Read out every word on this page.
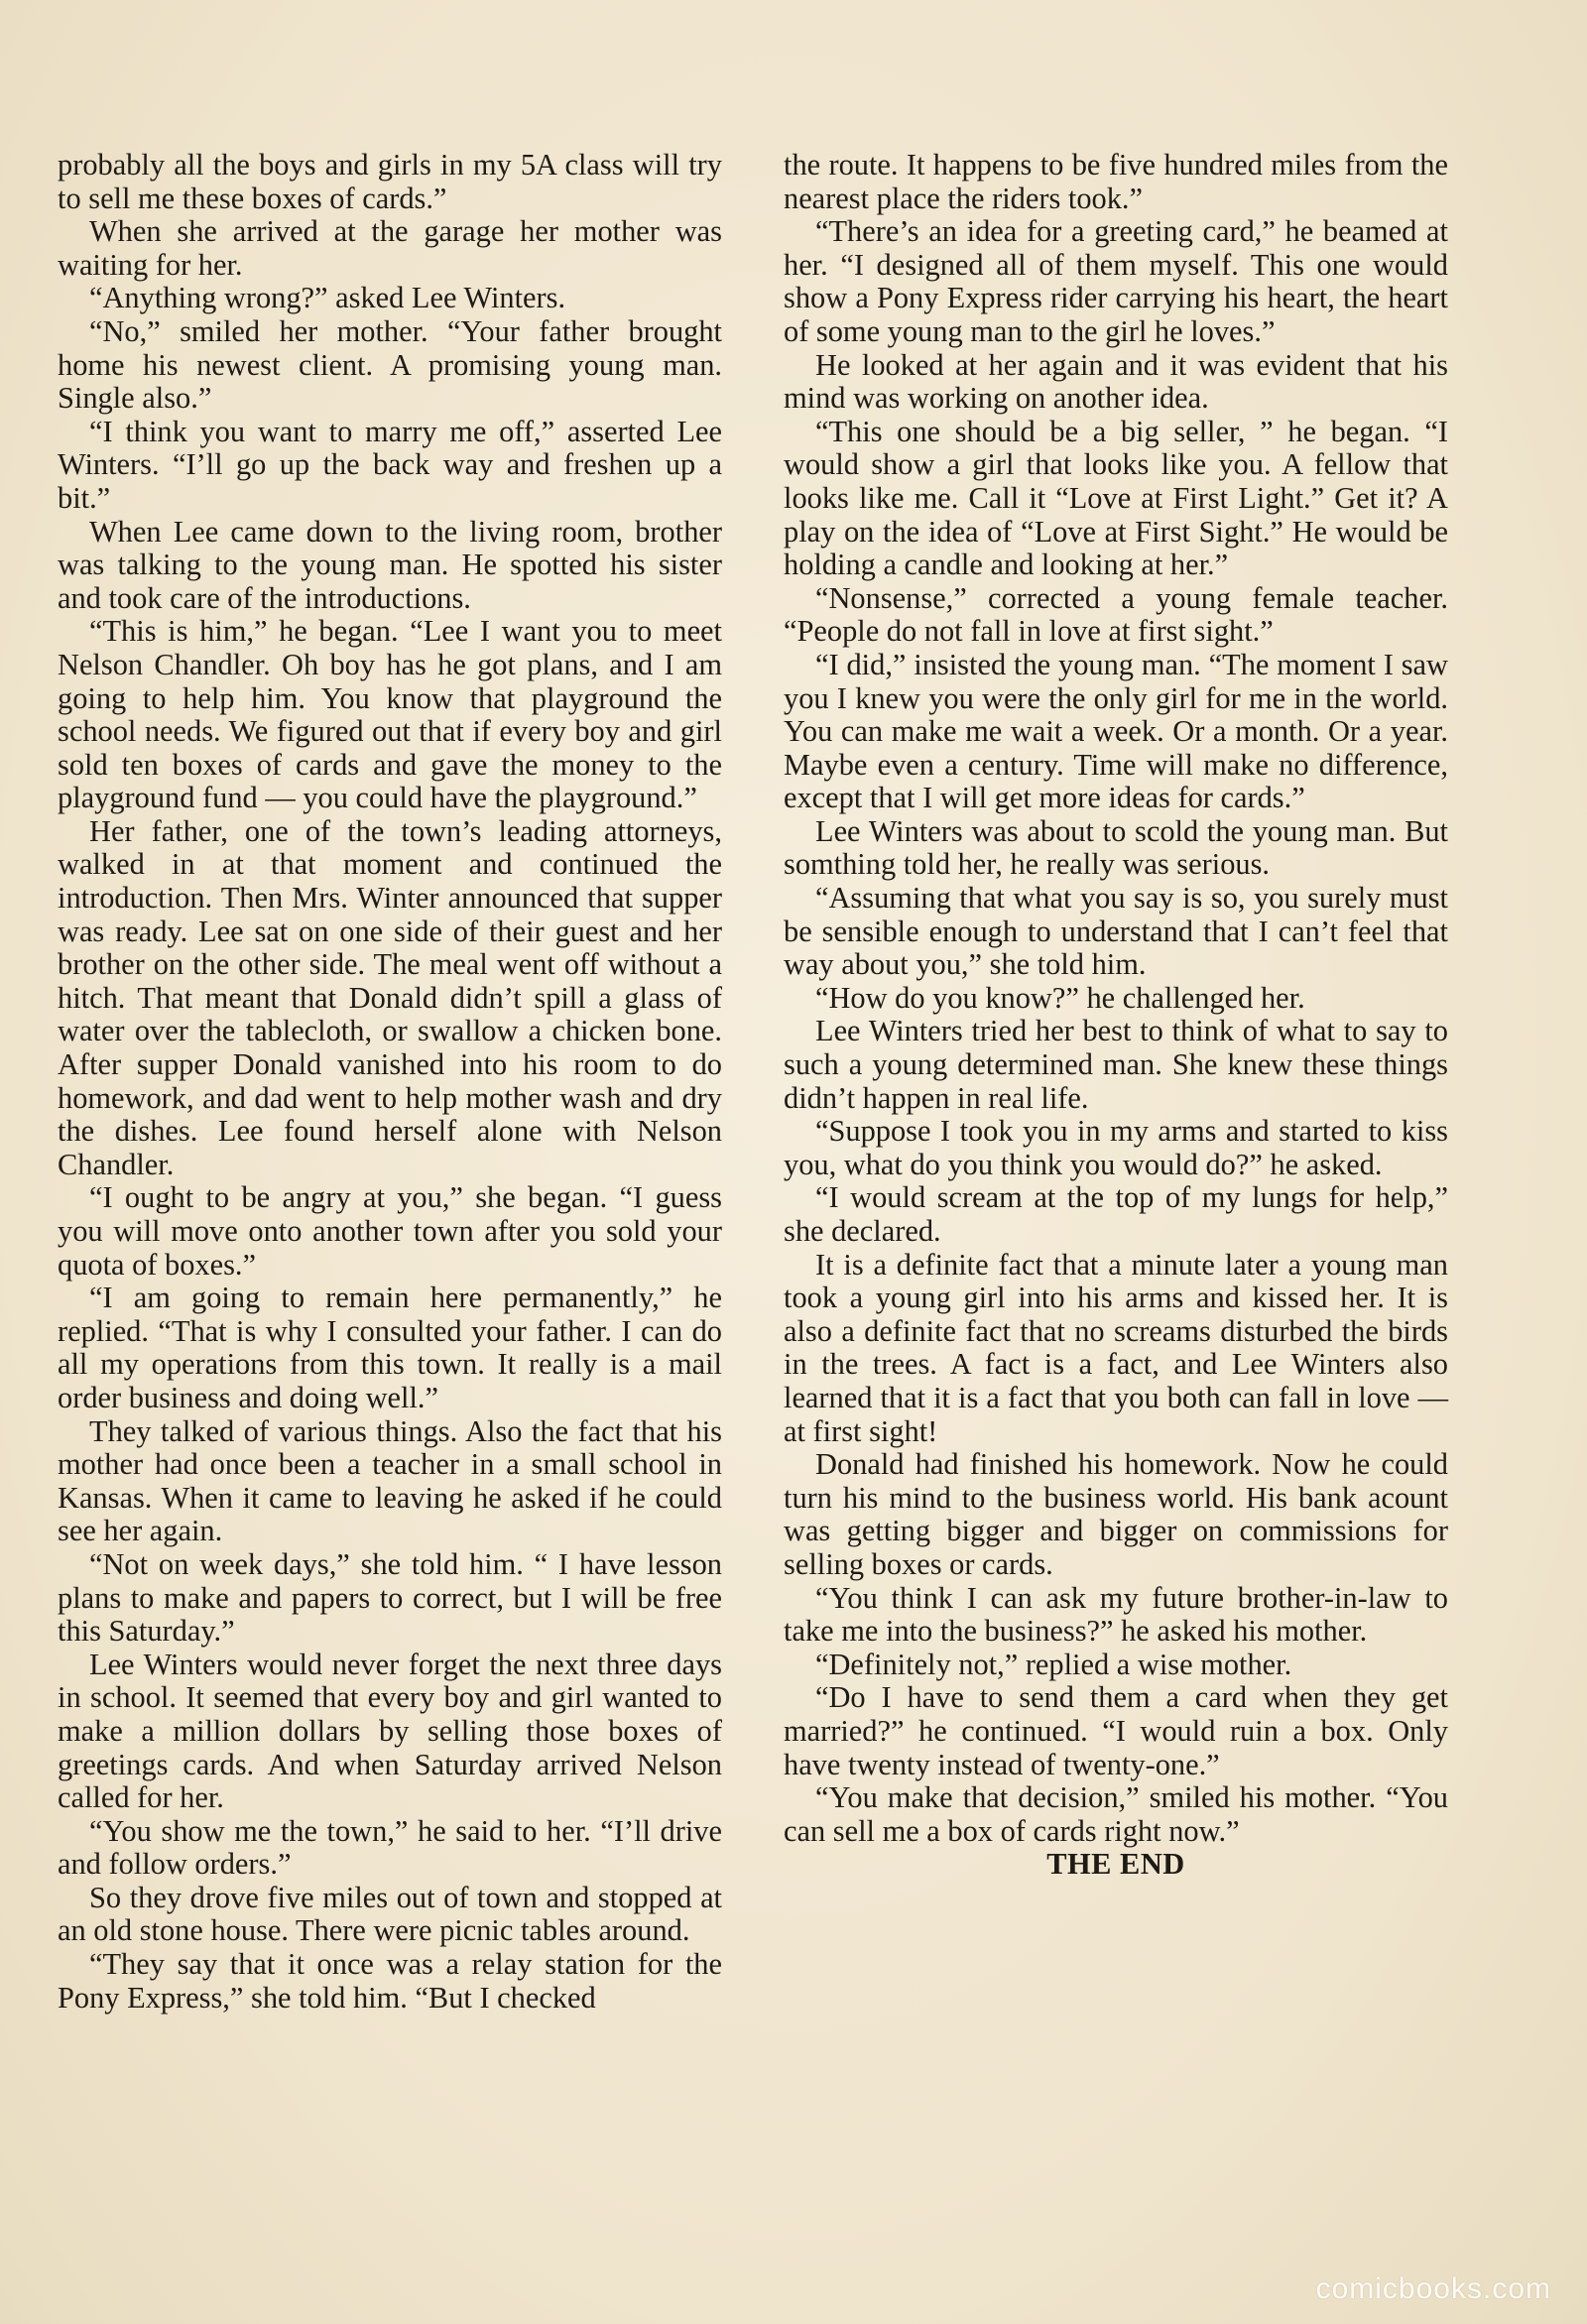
probably all the boys and girls in my 5A class will try to sell me these boxes of cards.”

When she arrived at the garage her mother was waiting for her.

“Anything wrong?” asked Lee Winters.

“No,” smiled her mother. “Your father brought home his newest client. A promising young man. Single also.”

“I think you want to marry me off,” asserted Lee Winters. “I’ll go up the back way and freshen up a bit.”

When Lee came down to the living room, brother was talking to the young man. He spotted his sister and took care of the introductions.

“This is him,” he began. “Lee I want you to meet Nelson Chandler. Oh boy has he got plans, and I am going to help him. You know that playground the school needs. We figured out that if every boy and girl sold ten boxes of cards and gave the money to the playground fund — you could have the playground.”

Her father, one of the town’s leading attorneys, walked in at that moment and continued the introduction. Then Mrs. Winter announced that supper was ready. Lee sat on one side of their guest and her brother on the other side. The meal went off without a hitch. That meant that Donald didn’t spill a glass of water over the tablecloth, or swallow a chicken bone. After supper Donald vanished into his room to do homework, and dad went to help mother wash and dry the dishes. Lee found herself alone with Nelson Chandler.

“I ought to be angry at you,” she began. “I guess you will move onto another town after you sold your quota of boxes.”

“I am going to remain here permanently,” he replied. “That is why I consulted your father. I can do all my operations from this town. It really is a mail order business and doing well.”

They talked of various things. Also the fact that his mother had once been a teacher in a small school in Kansas. When it came to leaving he asked if he could see her again.

“Not on week days,” she told him. “ I have lesson plans to make and papers to correct, but I will be free this Saturday.”

Lee Winters would never forget the next three days in school. It seemed that every boy and girl wanted to make a million dollars by selling those boxes of greetings cards. And when Saturday arrived Nelson called for her.

“You show me the town,” he said to her. “I’ll drive and follow orders.”

So they drove five miles out of town and stopped at an old stone house. There were picnic tables around.

“They say that it once was a relay station for the Pony Express,” she told him. “But I checked

the route. It happens to be five hundred miles from the nearest place the riders took.”

“There’s an idea for a greeting card,” he beamed at her. “I designed all of them myself. This one would show a Pony Express rider carrying his heart, the heart of some young man to the girl he loves.”

He looked at her again and it was evident that his mind was working on another idea.

“This one should be a big seller, ” he began. “I would show a girl that looks like you. A fellow that looks like me. Call it “Love at First Light.” Get it? A play on the idea of “Love at First Sight.” He would be holding a candle and looking at her.”

“Nonsense,” corrected a young female teacher. “People do not fall in love at first sight.”

“I did,” insisted the young man. “The moment I saw you I knew you were the only girl for me in the world. You can make me wait a week. Or a month. Or a year. Maybe even a century. Time will make no difference, except that I will get more ideas for cards.”

Lee Winters was about to scold the young man. But somthing told her, he really was serious.

“Assuming that what you say is so, you surely must be sensible enough to understand that I can’t feel that way about you,” she told him.

“How do you know?” he challenged her.

Lee Winters tried her best to think of what to say to such a young determined man. She knew these things didn’t happen in real life.

“Suppose I took you in my arms and started to kiss you, what do you think you would do?” he asked.

“I would scream at the top of my lungs for help,” she declared.

It is a definite fact that a minute later a young man took a young girl into his arms and kissed her. It is also a definite fact that no screams disturbed the birds in the trees. A fact is a fact, and Lee Winters also learned that it is a fact that you both can fall in love — at first sight!

Donald had finished his homework. Now he could turn his mind to the business world. His bank acount was getting bigger and bigger on commissions for selling boxes or cards.

“You think I can ask my future brother-in-law to take me into the business?” he asked his mother.

“Definitely not,” replied a wise mother.

“Do I have to send them a card when they get married?” he continued. “I would ruin a box. Only have twenty instead of twenty-one.”

“You make that decision,” smiled his mother. “You can sell me a box of cards right now.”

THE END

comicbooks.com
